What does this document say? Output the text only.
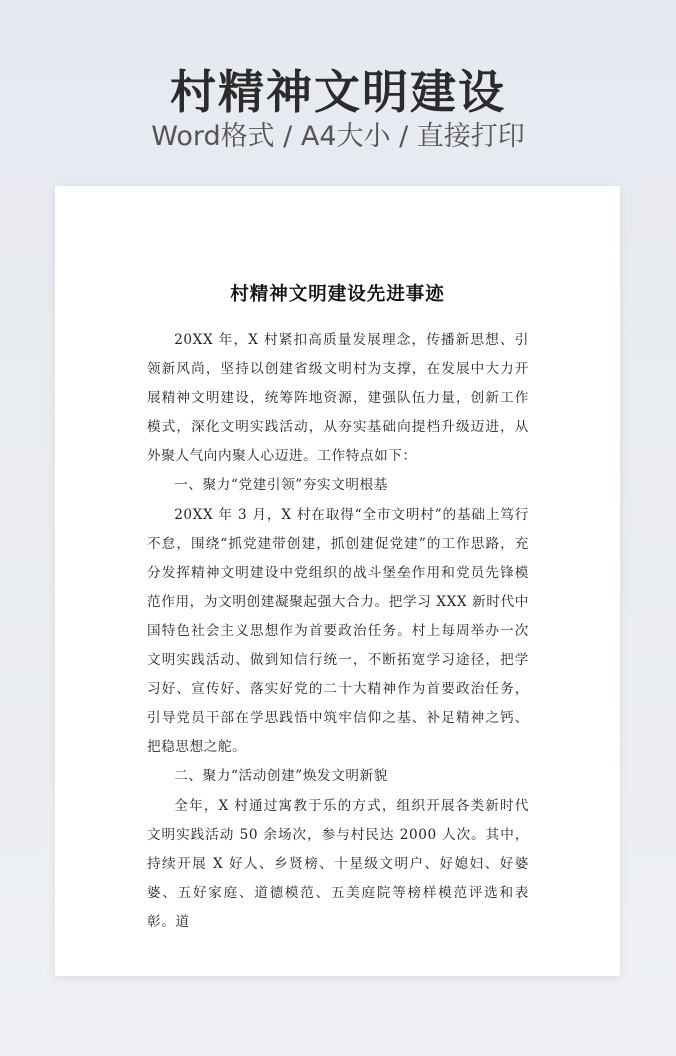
村精神文明建设
Word格式 / A4大小 / 直接打印
村精神文明建设先进事迹

20XX 年，X 村紧扣高质量发展理念，传播新思想、引领新风尚，坚持以创建省级文明村为支撑，在发展中大力开展精神文明建设，统筹阵地资源，建强队伍力量，创新工作模式，深化文明实践活动，从夯实基础向提档升级迈进，从外聚人气向内聚人心迈进。工作特点如下：

一、聚力“党建引领”夯实文明根基

20XX 年 3 月，X 村在取得“全市文明村”的基础上笃行不怠，围绕“抓党建带创建，抓创建促党建”的工作思路，充分发挥精神文明建设中党组织的战斗堡垒作用和党员先锋模范作用，为文明创建凝聚起强大合力。把学习 XXX 新时代中国特色社会主义思想作为首要政治任务。村上每周举办一次文明实践活动、做到知信行统一，不断拓宽学习途径，把学习好、宣传好、落实好党的二十大精神作为首要政治任务，引导党员干部在学思践悟中筑牢信仰之基、补足精神之钙、把稳思想之舵。

二、聚力“活动创建”焕发文明新貌

全年，X 村通过寓教于乐的方式，组织开展各类新时代文明实践活动 50 余场次，参与村民达 2000 人次。其中，持续开展 X 好人、乡贤榜、十星级文明户、好媳妇、好婆婆、五好家庭、道德模范、五美庭院等榜样模范评选和表彰。道
